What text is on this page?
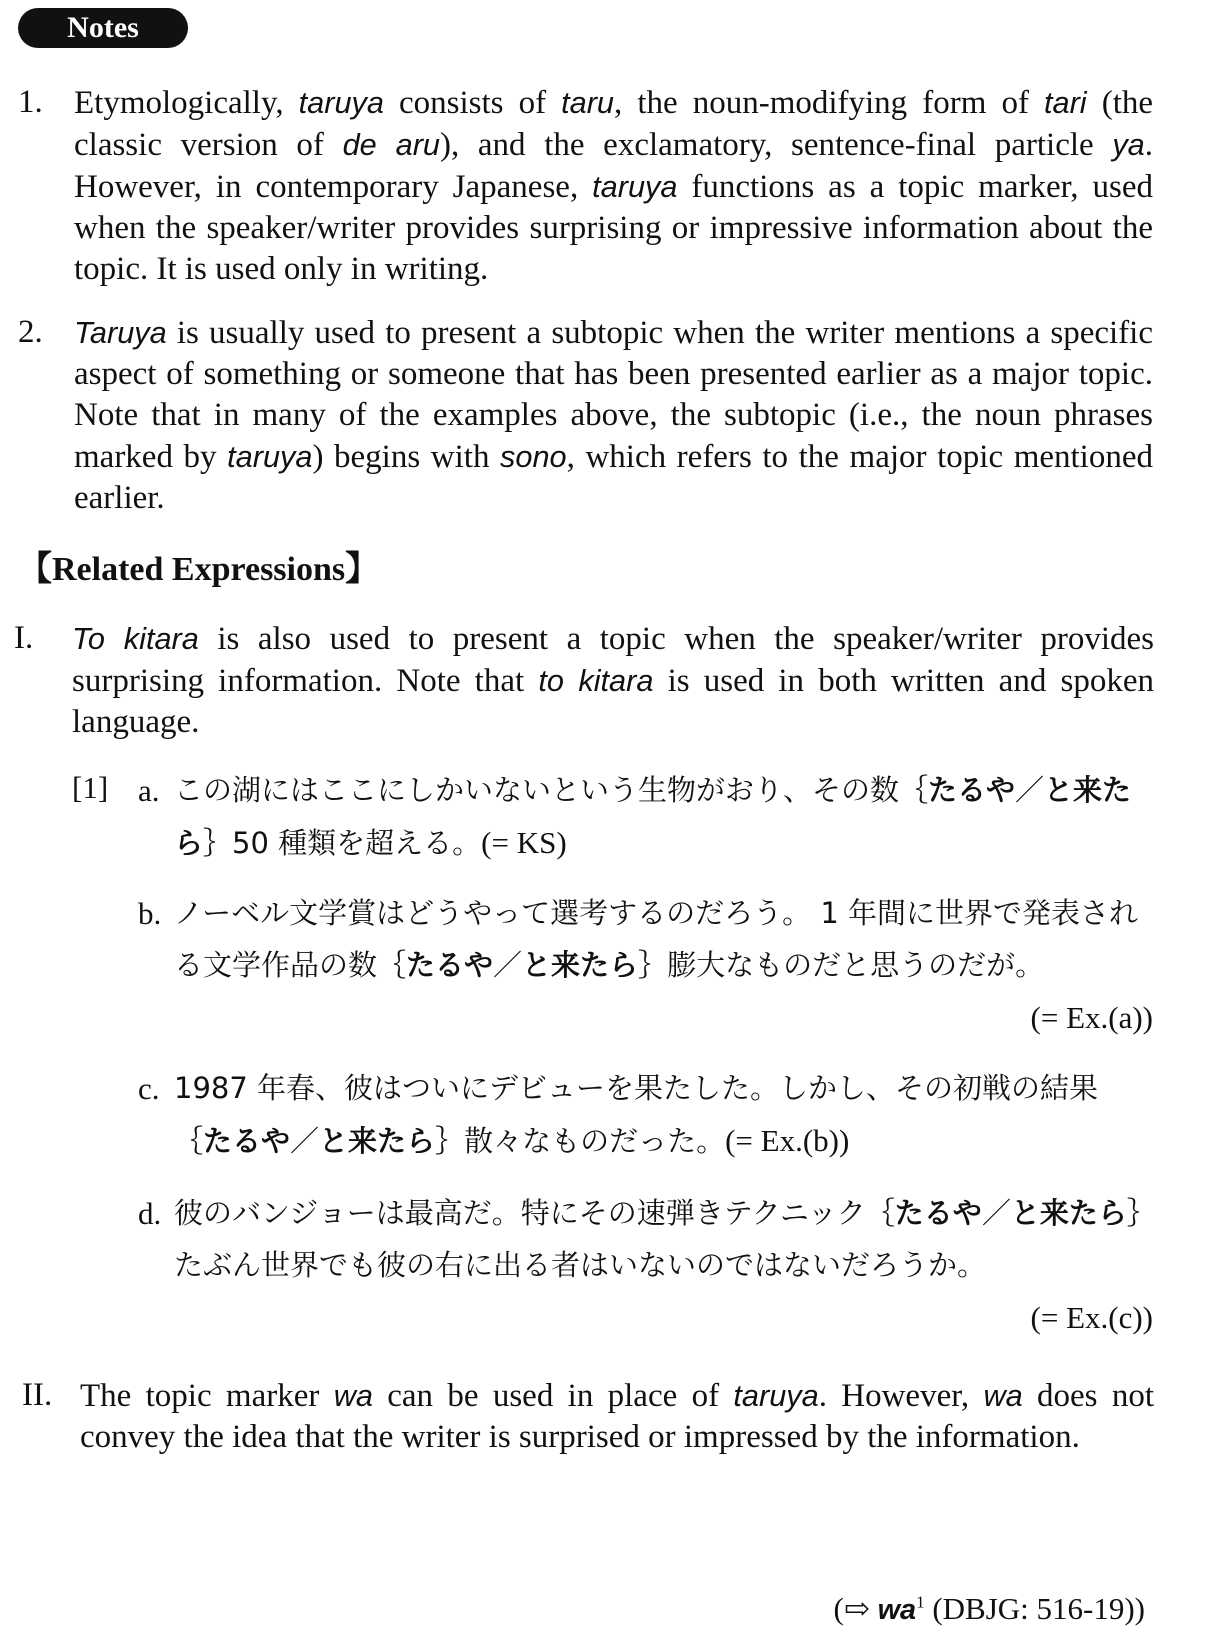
Notes
1. Etymologically, taruya consists of taru, the noun-modifying form of tari (the classic version of de aru), and the exclamatory, sentence-final particle ya. However, in contemporary Japanese, taruya functions as a topic marker, used when the speaker/writer provides surprising or impressive information about the topic. It is used only in writing.
2. Taruya is usually used to present a subtopic when the writer mentions a specific aspect of something or someone that has been presented earlier as a major topic. Note that in many of the examples above, the subtopic (i.e., the noun phrases marked by taruya) begins with sono, which refers to the major topic mentioned earlier.
【Related Expressions】
I. To kitara is also used to present a topic when the speaker/writer provides surprising information. Note that to kitara is used in both written and spoken language.
[1] a. この湖にはここにしかいないという生物がおり、その数｛たるや／と来たら｝50 種類を超える。(= KS)
b. ノーベル文学賞はどうやって選考するのだろう。 1 年間に世界で発表される文学作品の数｛たるや／と来たら｝膨大なものだと思うのだが。
(= Ex.(a))
c. 1987 年春、彼はついにデビューを果たした。しかし、その初戦の結果｛たるや／と来たら｝散々なものだった。(= Ex.(b))
d. 彼のバンジョーは最高だ。特にその速弾きテクニック｛たるや／と来たら｝たぶん世界でも彼の右に出る者はいないのではないだろうか。
(= Ex.(c))
II. The topic marker wa can be used in place of taruya. However, wa does not convey the idea that the writer is surprised or impressed by the information.
(⇨ $wa^1$ (DBJG: 516-19))
